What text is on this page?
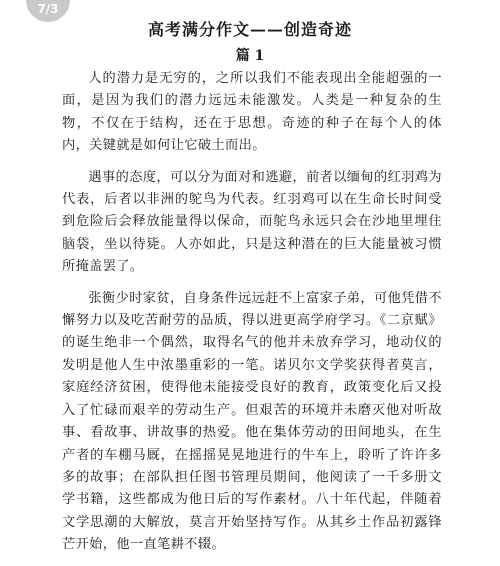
7/3
高考满分作文——创造奇迹
篇 1

人的潜力是无穷的，之所以我们不能表现出全能超强的一面，是因为我们的潜力远远未能激发。人类是一种复杂的生物，不仅在于结构，还在于思想。奇迹的种子在每个人的体内，关键就是如何让它破土而出。

遇事的态度，可以分为面对和逃避，前者以缅甸的红羽鸡为代表，后者以非洲的鸵鸟为代表。红羽鸡可以在生命长时间受到危险后会释放能量得以保命，而鸵鸟永远只会在沙地里埋住脑袋，坐以待毙。人亦如此，只是这种潜在的巨大能量被习惯所掩盖罢了。

张衡少时家贫，自身条件远远赶不上富家子弟，可他凭借不懈努力以及吃苦耐劳的品质，得以进更高学府学习。《二京赋》的诞生绝非一个偶然，取得名气的他并未放弃学习，地动仪的发明是他人生中浓墨重彩的一笔。诺贝尔文学奖获得者莫言，家庭经济贫困，使得他未能接受良好的教育，政策变化后又投入了忙碌而艰辛的劳动生产。但艰苦的环境并未磨灭他对听故事、看故事、讲故事的热爱。他在集体劳动的田间地头，在生产者的车棚马厩，在摇摇晃晃地进行的牛车上，聆听了许许多多的故事；在部队担任图书管理员期间，他阅读了一千多册文学书籍，这些都成为他日后的写作素材。八十年代起，伴随着文学思潮的大解放，莫言开始坚持写作。从其乡土作品初露锋芒开始，他一直笔耕不辍。
